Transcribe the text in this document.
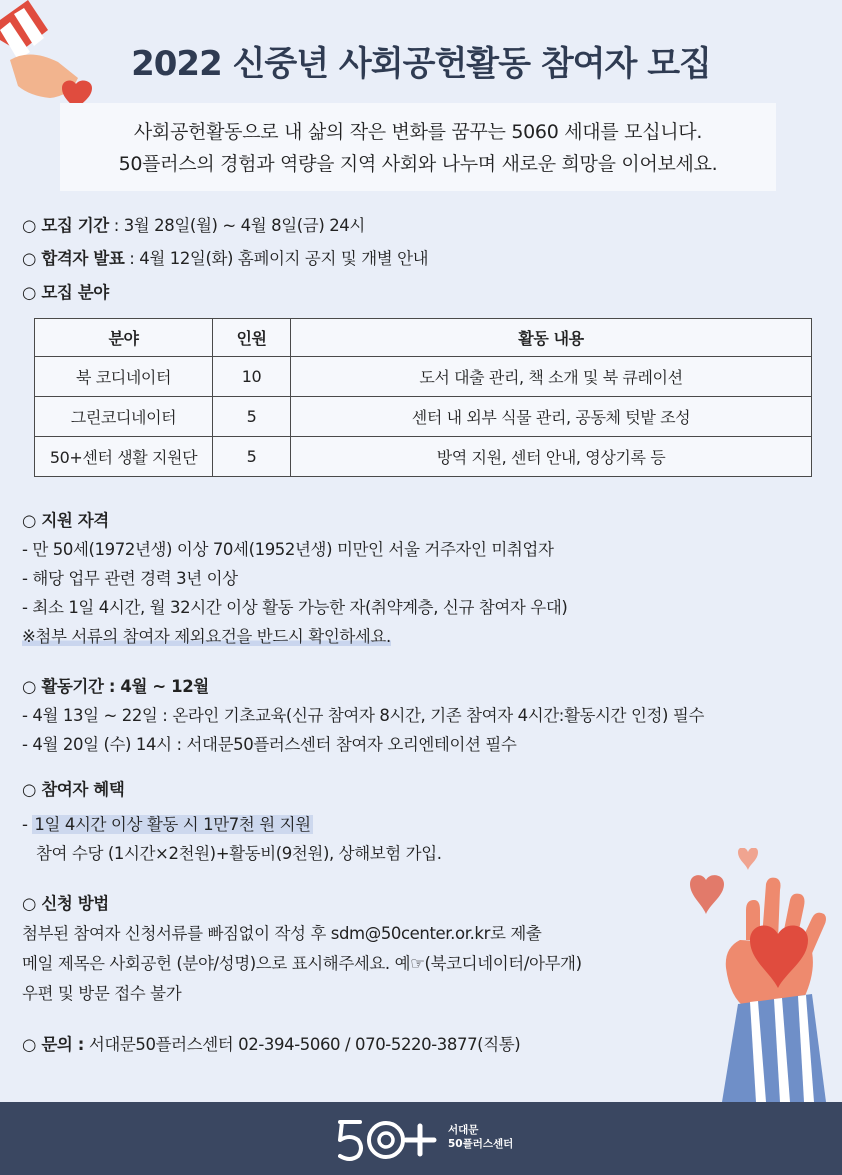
2022 신중년 사회공헌활동 참여자 모집
사회공헌활동으로 내 삶의 작은 변화를 꿈꾸는 5060 세대를 모십니다.
50플러스의 경험과 역량을 지역 사회와 나누며 새로운 희망을 이어보세요.
○ 모집 기간 : 3월 28일(월) ~ 4월 8일(금) 24시
○ 합격자 발표 : 4월 12일(화) 홈페이지 공지 및 개별 안내
○ 모집 분야
분야	인원	활동 내용
북 코디네이터	10	도서 대출 관리, 책 소개 및 북 큐레이션
그린코디네이터	5	센터 내 외부 식물 관리, 공동체 텃밭 조성
50+센터 생활 지원단	5	방역 지원, 센터 안내, 영상기록 등
○ 지원 자격
- 만 50세(1972년생) 이상 70세(1952년생) 미만인 서울 거주자인 미취업자
- 해당 업무 관련 경력 3년 이상
- 최소 1일 4시간, 월 32시간 이상 활동 가능한 자(취약계층, 신규 참여자 우대)
※첨부 서류의 참여자 제외요건을 반드시 확인하세요.
○ 활동기간 : 4월 ~ 12월
- 4월 13일 ~ 22일 : 온라인 기초교육(신규 참여자 8시간, 기존 참여자 4시간:활동시간 인정) 필수
- 4월 20일 (수) 14시 : 서대문50플러스센터 참여자 오리엔테이션 필수
○ 참여자 혜택
- 1일 4시간 이상 활동 시 1만7천 원 지원
참여 수당 (1시간×2천원)+활동비(9천원), 상해보험 가입.
○ 신청 방법
첨부된 참여자 신청서류를 빠짐없이 작성 후 sdm@50center.or.kr로 제출
메일 제목은 사회공헌 (분야/성명)으로 표시해주세요. 예☞(북코디네이터/아무개)
우편 및 방문 접수 불가
○ 문의 : 서대문50플러스센터 02-394-5060 / 070-5220-3877(직통)
서대문
50플러스센터
